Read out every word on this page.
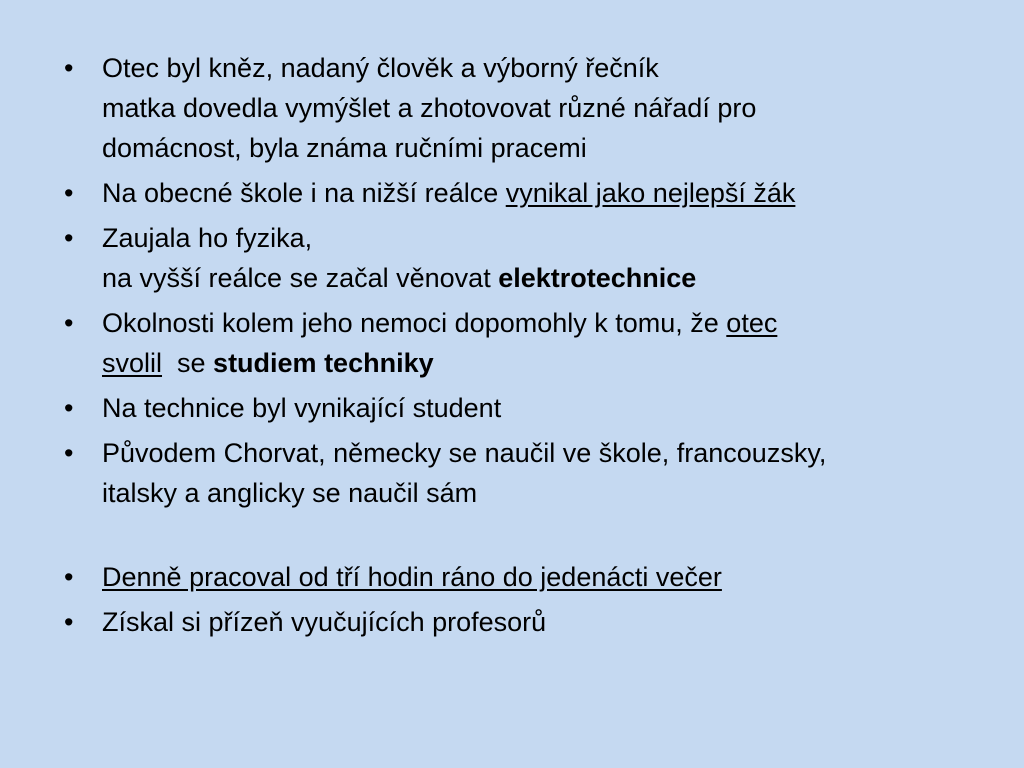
•	Otec byl kněz, nadaný člověk a výborný řečník
matka dovedla vymýšlet a zhotovovat různé nářadí pro
domácnost, byla známa ručními pracemi
•	Na obecné škole i na nižší reálce vynikal jako nejlepší žák
•	Zaujala ho fyzika,
na vyšší reálce se začal věnovat elektrotechnice
•	Okolnosti kolem jeho nemoci dopomohly k tomu, že otec
svolil  se studiem techniky
•	Na technice byl vynikající student
•	Původem Chorvat, německy se naučil ve škole, francouzsky,
italsky a anglicky se naučil sám
•	Denně pracoval od tří hodin ráno do jedenácti večer
•	Získal si přízeň vyučujících profesorů
